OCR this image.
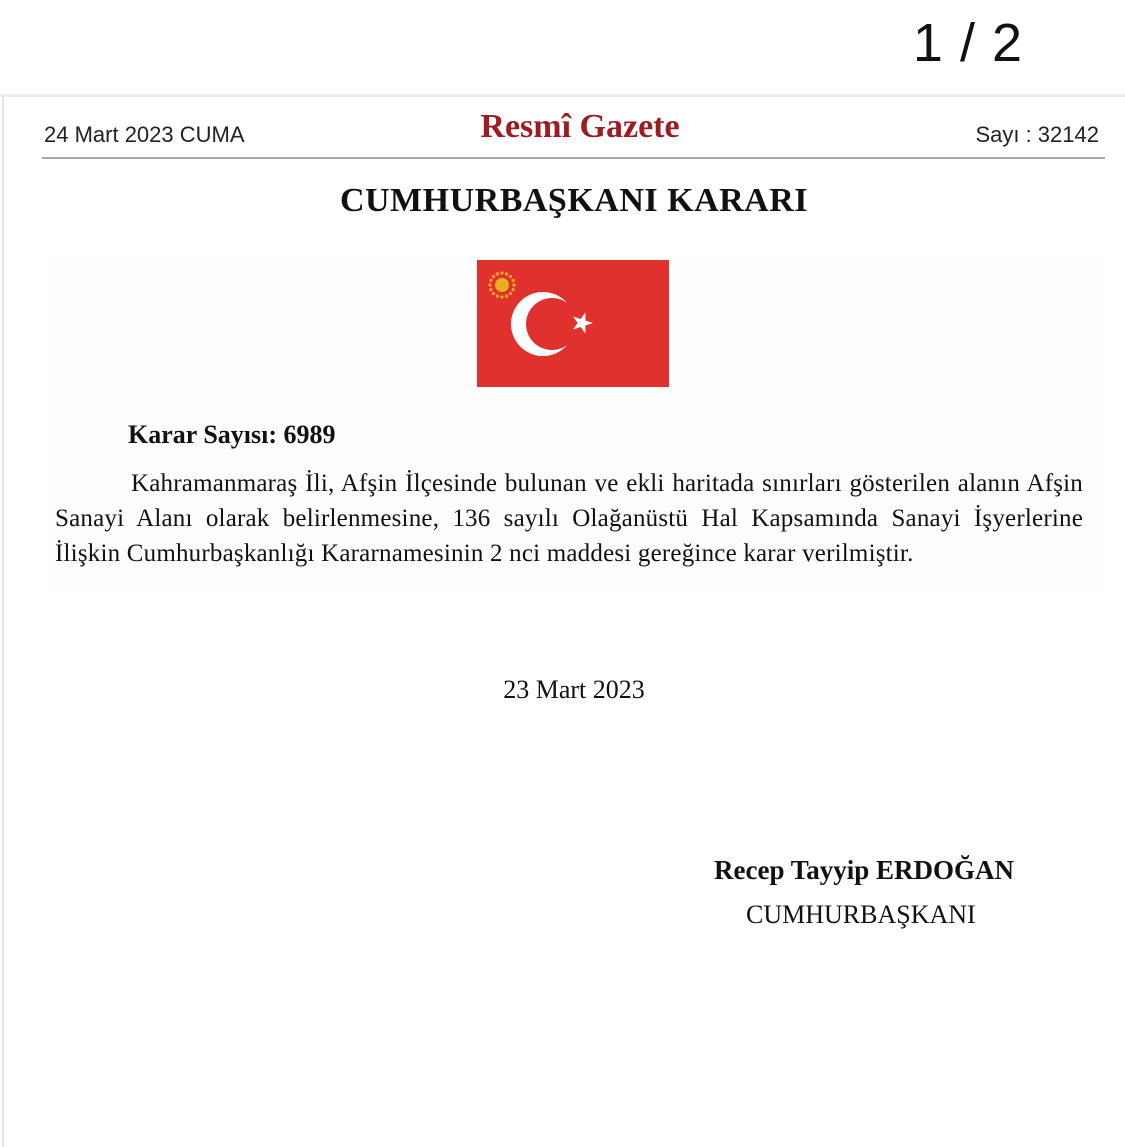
1 / 2
24 Mart 2023 CUMA	Resmî Gazete	Sayı : 32142
CUMHURBAŞKANI KARARI
Karar Sayısı: 6989
Kahramanmaraş İli, Afşin İlçesinde bulunan ve ekli haritada sınırları gösterilen alanın Afşin Sanayi Alanı olarak belirlenmesine, 136 sayılı Olağanüstü Hal Kapsamında Sanayi İşyerlerine İlişkin Cumhurbaşkanlığı Kararnamesinin 2 nci maddesi gereğince karar verilmiştir.
23 Mart 2023
Recep Tayyip ERDOĞAN
CUMHURBAŞKANI
